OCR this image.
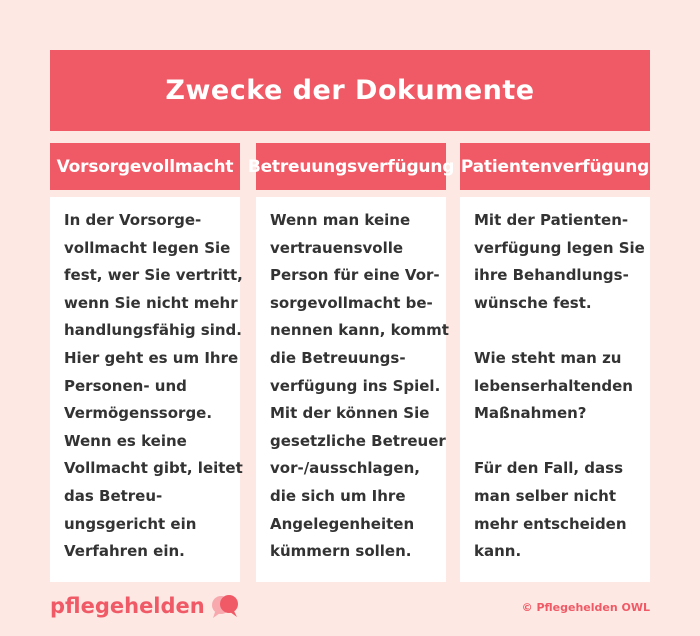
Zwecke der Dokumente
Vorsorgevollmacht Betreuungsverfügung Patientenverfügung
In der Vorsorge-
vollmacht legen Sie
fest, wer Sie vertritt,
wenn Sie nicht mehr
handlungsfähig sind.
Hier geht es um Ihre
Personen- und
Vermögenssorge.
Wenn es keine
Vollmacht gibt, leitet
das Betreu-
ungsgericht ein
Verfahren ein.
Wenn man keine
vertrauensvolle
Person für eine Vor-
sorgevollmacht be-
nennen kann, kommt
die Betreuungs-
verfügung ins Spiel.
Mit der können Sie
gesetzliche Betreuer
vor-/ausschlagen,
die sich um Ihre
Angelegenheiten
kümmern sollen.
Mit der Patienten-
verfügung legen Sie
ihre Behandlungs-
wünsche fest.
Wie steht man zu
lebenserhaltenden
Maßnahmen?
Für den Fall, dass
man selber nicht
mehr entscheiden
kann.
pflegehelden	© Pflegehelden OWL
